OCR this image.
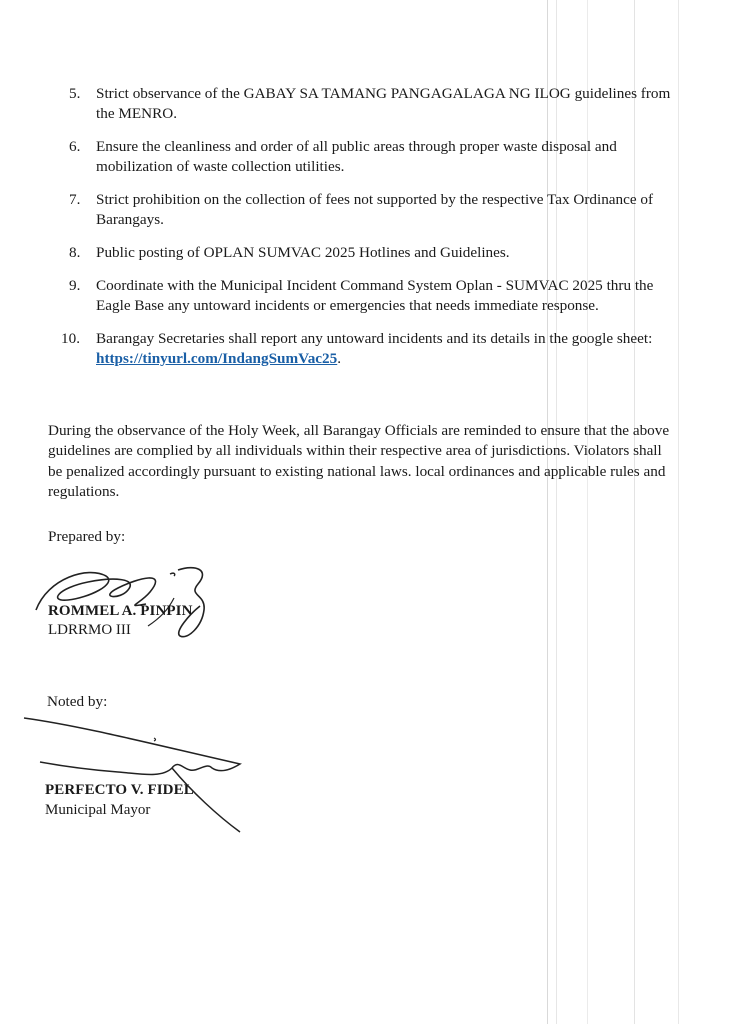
5. Strict observance of the GABAY SA TAMANG PANGAGALAGA NG ILOG guidelines from the MENRO.
6. Ensure the cleanliness and order of all public areas through proper waste disposal and mobilization of waste collection utilities.
7. Strict prohibition on the collection of fees not supported by the respective Tax Ordinance of Barangays.
8. Public posting of OPLAN SUMVAC 2025 Hotlines and Guidelines.
9. Coordinate with the Municipal Incident Command System Oplan - SUMVAC 2025 thru the Eagle Base any untoward incidents or emergencies that needs immediate response.
10. Barangay Secretaries shall report any untoward incidents and its details in the google sheet: https://tinyurl.com/IndangSumVac25.

During the observance of the Holy Week, all Barangay Officials are reminded to ensure that the above guidelines are complied by all individuals within their respective area of jurisdictions. Violators shall be penalized accordingly pursuant to existing national laws. local ordinances and applicable rules and regulations.

Prepared by:
ROMMEL A. PINPIN
LDRRMO III
Noted by:
PERFECTO V. FIDEL
Municipal Mayor
